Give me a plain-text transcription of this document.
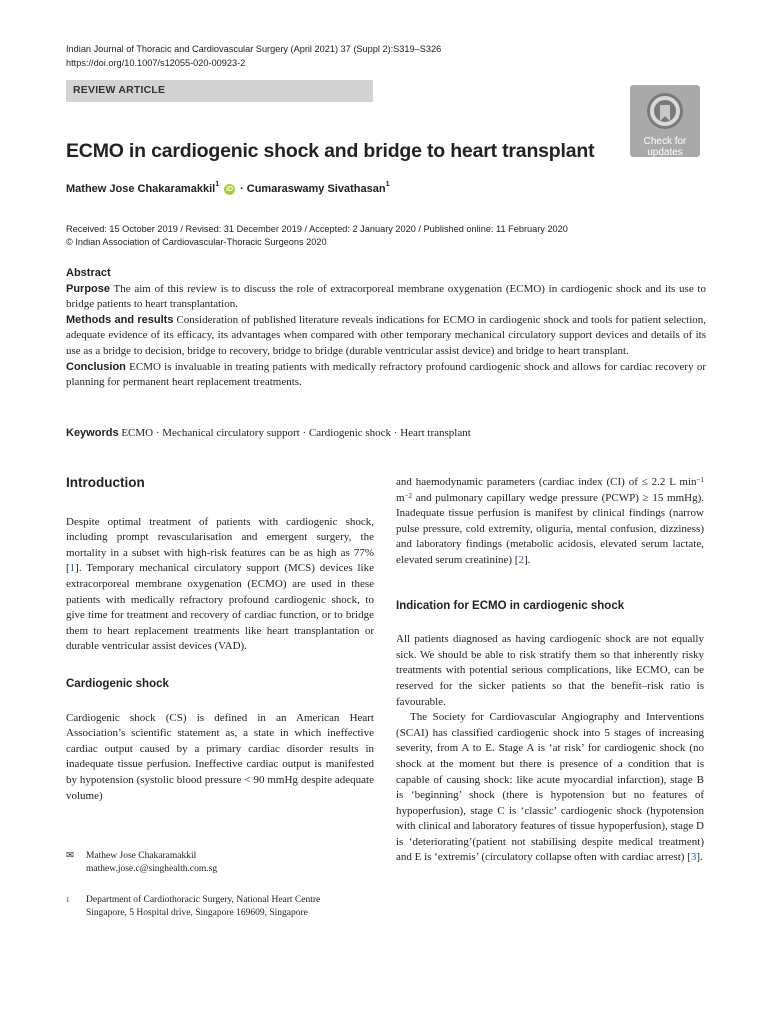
Indian Journal of Thoracic and Cardiovascular Surgery (April 2021) 37 (Suppl 2):S319–S326
https://doi.org/10.1007/s12055-020-00923-2
REVIEW ARTICLE
Check for updates
ECMO in cardiogenic shock and bridge to heart transplant
Mathew Jose Chakaramakkil$^1$
iD · Cumaraswamy Sivathasan$^1$
Received: 15 October 2019 / Revised: 31 December 2019 / Accepted: 2 January 2020 / Published online: 11 February 2020
© Indian Association of Cardiovascular-Thoracic Surgeons 2020
Abstract

Purpose The aim of this review is to discuss the role of extracorporeal membrane oxygenation (ECMO) in cardiogenic shock and its use to bridge patients to heart transplantation.

Methods and results Consideration of published literature reveals indications for ECMO in cardiogenic shock and tools for patient selection, adequate evidence of its efficacy, its advantages when compared with other temporary mechanical circulatory support devices and details of its use as a bridge to decision, bridge to recovery, bridge to bridge (durable ventricular assist device) and bridge to heart transplant.

Conclusion ECMO is invaluable in treating patients with medically refractory profound cardiogenic shock and allows for cardiac recovery or planning for permanent heart replacement treatments.

Keywords ECMO · Mechanical circulatory support · Cardiogenic shock · Heart transplant
Introduction

Despite optimal treatment of patients with cardiogenic shock, including prompt revascularisation and emergent surgery, the mortality in a subset with high-risk features can be as high as 77% [1]. Temporary mechanical circulatory support (MCS) devices like extracorporeal membrane oxygenation (ECMO) are used in these patients with medically refractory profound cardiogenic shock, to give time for treatment and recovery of cardiac function, or to bridge them to heart replacement treatments like heart transplantation or durable ventricular assist devices (VAD).

Cardiogenic shock

Cardiogenic shock (CS) is defined in an American Heart Association’s scientific statement as, a state in which ineffective cardiac output caused by a primary cardiac disorder results in inadequate tissue perfusion. Ineffective cardiac output is manifested by hypotension (systolic blood pressure < 90 mmHg despite adequate volume)

and haemodynamic parameters (cardiac index (CI) of ≤ 2.2 L $\min^{-1} m^{-2}$ and pulmonary capillary wedge pressure (PCWP) ≥ 15 mmHg). Inadequate tissue perfusion is manifest by clinical findings (narrow pulse pressure, cold extremity, oliguria, mental confusion, dizziness) and laboratory findings (metabolic acidosis, elevated serum lactate, elevated serum creatinine) [2].

Indication for ECMO in cardiogenic shock

All patients diagnosed as having cardiogenic shock are not equally sick. We should be able to risk stratify them so that inherently risky treatments with potential serious complications, like ECMO, can be reserved for the sicker patients so that the benefit–risk ratio is favourable.

The Society for Cardiovascular Angiography and Interventions (SCAI) has classified cardiogenic shock into 5 stages of increasing severity, from A to E. Stage A is ‘at risk’ for cardiogenic shock (no shock at the moment but there is presence of a condition that is capable of causing shock: like acute myocardial infarction), stage B is ‘beginning’ shock (there is hypotension but no features of hypoperfusion), stage C is ‘classic’ cardiogenic shock (hypotension with clinical and laboratory features of tissue hypoperfusion), stage D is ‘deteriorating’(patient not stabilising despite medical treatment) and E is ‘extremis’ (circulatory collapse often with cardiac arrest) [3].

✉	Mathew Jose Chakaramakkil
mathew.jose.c@singhealth.com.sg
1	Department of Cardiothoracic Surgery, National Heart Centre
Singapore, 5 Hospital drive, Singapore 169609, Singapore
